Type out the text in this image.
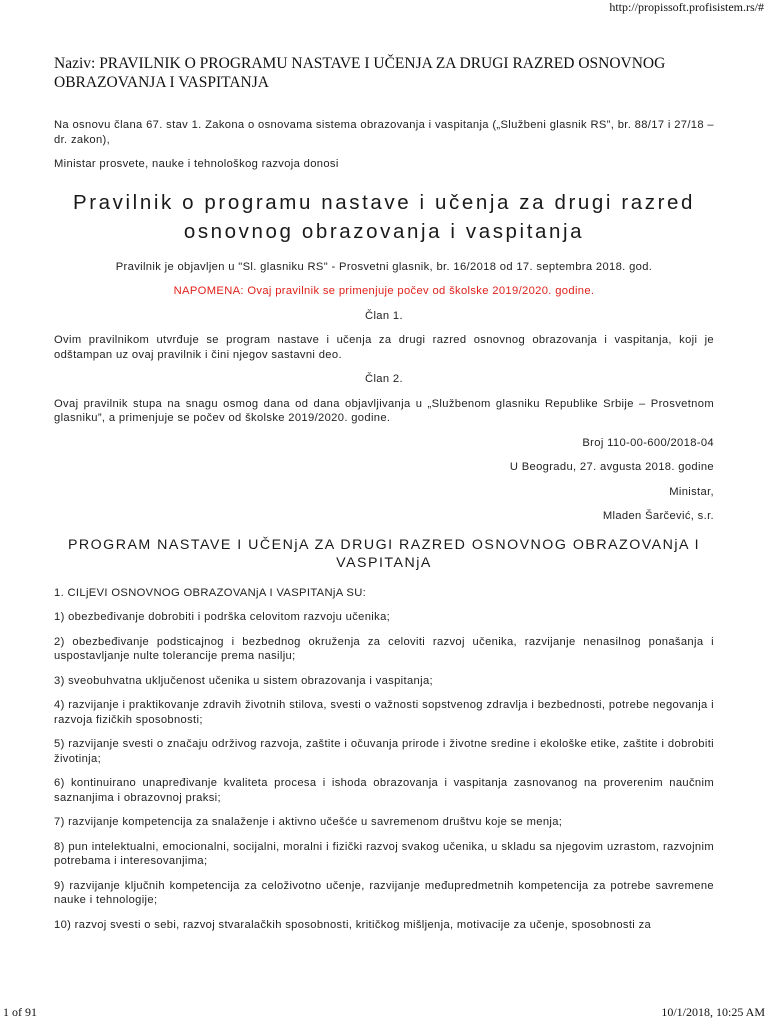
http://propissoft.profisistem.rs/#
Naziv: PRAVILNIK O PROGRAMU NASTAVE I UČENJA ZA DRUGI RAZRED OSNOVNOG OBRAZOVANJA I VASPITANJA

Na osnovu člana 67. stav 1. Zakona o osnovama sistema obrazovanja i vaspitanja („Službeni glasnik RS”, br. 88/17 i 27/18 – dr. zakon),

Ministar prosvete, nauke i tehnološkog razvoja donosi

Pravilnik o programu nastave i učenja za drugi razred osnovnog obrazovanja i vaspitanja

Pravilnik je objavljen u "Sl. glasniku RS" - Prosvetni glasnik, br. 16/2018 od 17. septembra 2018. god.

NAPOMENA: Ovaj pravilnik se primenjuje počev od školske 2019/2020. godine.

Član 1.

Ovim pravilnikom utvrđuje se program nastave i učenja za drugi razred osnovnog obrazovanja i vaspitanja, koji je odštampan uz ovaj pravilnik i čini njegov sastavni deo.

Član 2.

Ovaj pravilnik stupa na snagu osmog dana od dana objavljivanja u „Službenom glasniku Republike Srbije – Prosvetnom glasniku”, a primenjuje se počev od školske 2019/2020. godine.

Broj 110-00-600/2018-04

U Beogradu, 27. avgusta 2018. godine

Ministar,

Mladen Šarčević, s.r.

PROGRAM NASTAVE I UČENjA ZA DRUGI RAZRED OSNOVNOG OBRAZOVANjA I VASPITANjA

1. CILjEVI OSNOVNOG OBRAZOVANjA I VASPITANjA SU:

1) obezbeđivanje dobrobiti i podrška celovitom razvoju učenika;

2) obezbeđivanje podsticajnog i bezbednog okruženja za celoviti razvoj učenika, razvijanje nenasilnog ponašanja i uspostavljanje nulte tolerancije prema nasilju;

3) sveobuhvatna uključenost učenika u sistem obrazovanja i vaspitanja;

4) razvijanje i praktikovanje zdravih životnih stilova, svesti o važnosti sopstvenog zdravlja i bezbednosti, potrebe negovanja i razvoja fizičkih sposobnosti;

5) razvijanje svesti o značaju održivog razvoja, zaštite i očuvanja prirode i životne sredine i ekološke etike, zaštite i dobrobiti životinja;

6) kontinuirano unapređivanje kvaliteta procesa i ishoda obrazovanja i vaspitanja zasnovanog na proverenim naučnim saznanjima i obrazovnoj praksi;

7) razvijanje kompetencija za snalaženje i aktivno učešće u savremenom društvu koje se menja;

8) pun intelektualni, emocionalni, socijalni, moralni i fizički razvoj svakog učenika, u skladu sa njegovim uzrastom, razvojnim potrebama i interesovanjima;

9) razvijanje ključnih kompetencija za celoživotno učenje, razvijanje međupredmetnih kompetencija za potrebe savremene nauke i tehnologije;

10) razvoj svesti o sebi, razvoj stvaralačkih sposobnosti, kritičkog mišljenja, motivacije za učenje, sposobnosti za

1 of 91	10/1/2018, 10:25 AM
